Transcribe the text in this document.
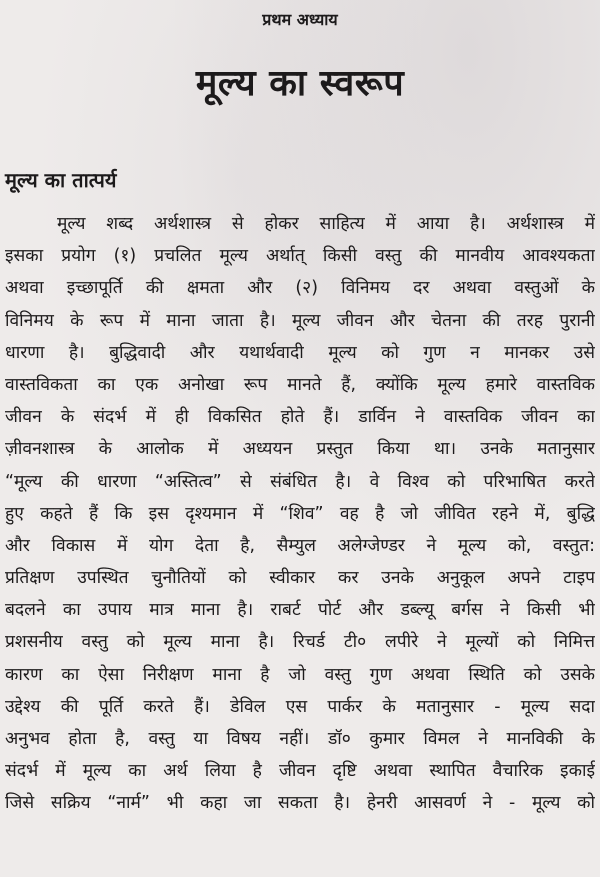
प्रथम अध्याय
मूल्य का स्वरूप
मूल्य का तात्पर्य
मूल्य शब्द अर्थशास्त्र से होकर साहित्य में आया है। अर्थशास्त्र में
इसका प्रयोग (१) प्रचलित मूल्य अर्थात् किसी वस्तु की मानवीय आवश्यकता
अथवा इच्छापूर्ति की क्षमता और (२) विनिमय दर अथवा वस्तुओं के
विनिमय के रूप में माना जाता है। मूल्य जीवन और चेतना की तरह पुरानी
धारणा है। बुद्धिवादी और यथार्थवादी मूल्य को गुण न मानकर उसे
वास्तविकता का एक अनोखा रूप मानते हैं, क्योंकि मूल्य हमारे वास्तविक
जीवन के संदर्भ में ही विकसित होते हैं। डार्विन ने वास्तविक जीवन का
ज़ीवनशास्त्र के आलोक में अध्ययन प्रस्तुत किया था। उनके मतानुसार
“मूल्य की धारणा “अस्तित्व” से संबंधित है। वे विश्व को परिभाषित करते
हुए कहते हैं कि इस दृश्यमान में “शिव” वह है जो जीवित रहने में, बुद्धि
और विकास में योग देता है, सैम्युल अलेग्जेण्डर ने मूल्य को, वस्तुत:
प्रतिक्षण उपस्थित चुनौतियों को स्वीकार कर उनके अनुकूल अपने टाइप
बदलने का उपाय मात्र माना है। राबर्ट पोर्ट और डब्ल्यू बर्गस ने किसी भी
प्रशसनीय वस्तु को मूल्य माना है। रिचर्ड टी० लपीरे ने मूल्यों को निमित्त
कारण का ऐसा निरीक्षण माना है जो वस्तु गुण अथवा स्थिति को उसके
उद्देश्य की पूर्ति करते हैं। डेविल एस पार्कर के मतानुसार - मूल्य सदा
अनुभव होता है, वस्तु या विषय नहीं। डॉ० कुमार विमल ने मानविकी के
संदर्भ में मूल्य का अर्थ लिया है जीवन दृष्टि अथवा स्थापित वैचारिक इकाई
जिसे सक्रिय “नार्म” भी कहा जा सकता है। हेनरी आसवर्ण ने - मूल्य को
